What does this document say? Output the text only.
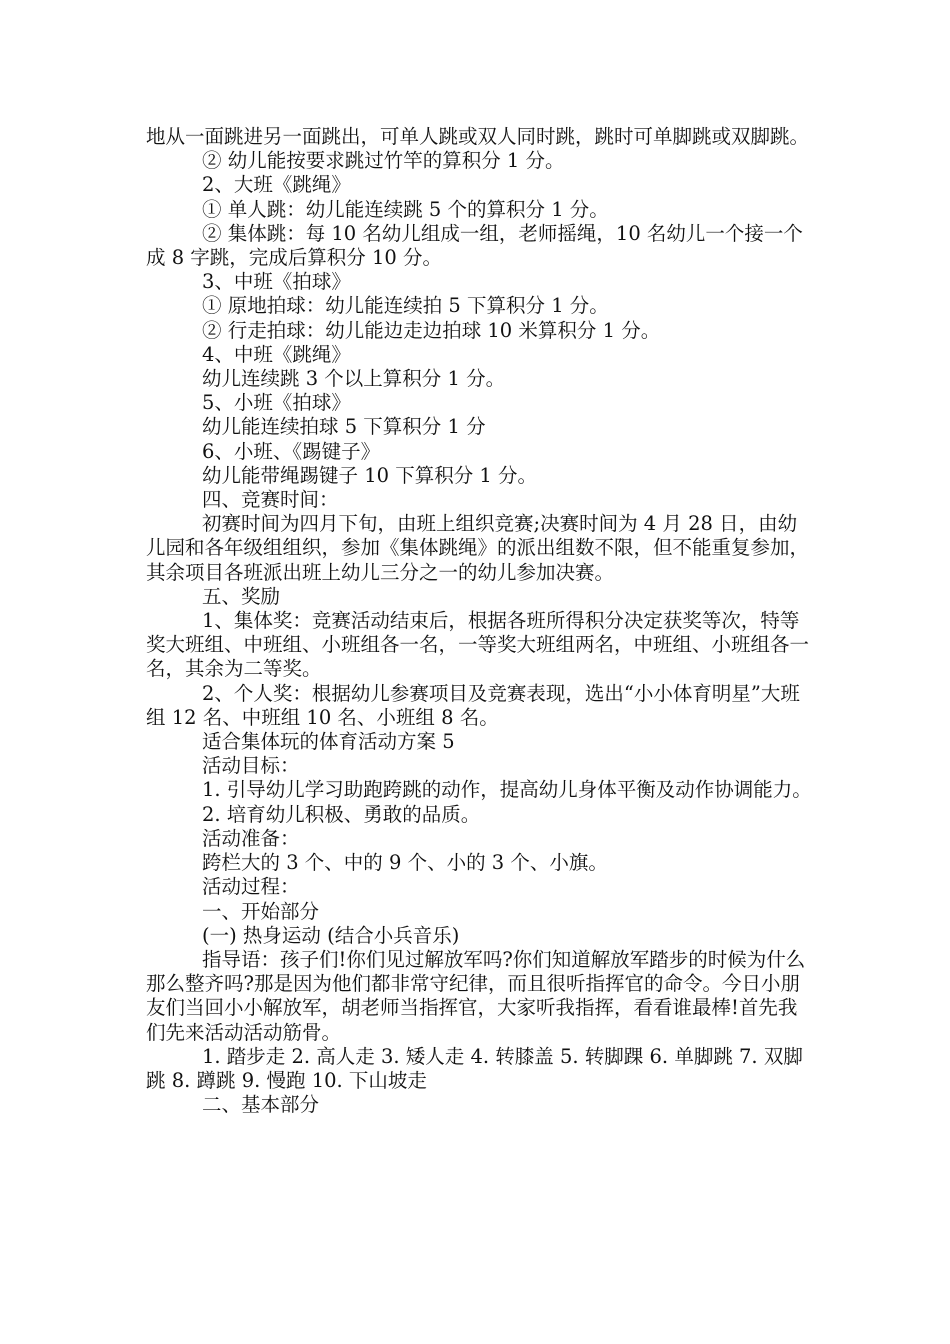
地从一面跳进另一面跳出，可单人跳或双人同时跳，跳时可单脚跳或双脚跳。

② 幼儿能按要求跳过竹竿的算积分 1 分。

2、大班《跳绳》

① 单人跳：幼儿能连续跳 5 个的算积分 1 分。

② 集体跳：每 10 名幼儿组成一组，老师摇绳，10 名幼儿一个接一个成 8 字跳，完成后算积分 10 分。

3、中班《拍球》

① 原地拍球：幼儿能连续拍 5 下算积分 1 分。

② 行走拍球：幼儿能边走边拍球 10 米算积分 1 分。

4、中班《跳绳》

幼儿连续跳 3 个以上算积分 1 分。

5、小班《拍球》

幼儿能连续拍球 5 下算积分 1 分

6、小班、《踢键子》

幼儿能带绳踢键子 10 下算积分 1 分。

四、竞赛时间：

初赛时间为四月下旬，由班上组织竞赛;决赛时间为 4 月 28 日，由幼儿园和各年级组组织，参加《集体跳绳》的派出组数不限，但不能重复参加，其余项目各班派出班上幼儿三分之一的幼儿参加决赛。

五、奖励

1、集体奖：竞赛活动结束后，根据各班所得积分决定获奖等次，特等奖大班组、中班组、小班组各一名，一等奖大班组两名，中班组、小班组各一名，其余为二等奖。

2、个人奖：根据幼儿参赛项目及竞赛表现，选出“小小体育明星”大班组 12 名、中班组 10 名、小班组 8 名。

适合集体玩的体育活动方案 5

活动目标：

1. 引导幼儿学习助跑跨跳的动作，提高幼儿身体平衡及动作协调能力。

2. 培育幼儿积极、勇敢的品质。

活动准备：

跨栏大的 3 个、中的 9 个、小的 3 个、小旗。

活动过程：

一、开始部分

(一) 热身运动 (结合小兵音乐)

指导语：孩子们!你们见过解放军吗?你们知道解放军踏步的时候为什么那么整齐吗?那是因为他们都非常守纪律，而且很听指挥官的命令。今日小朋友们当回小小解放军，胡老师当指挥官，大家听我指挥，看看谁最棒!首先我们先来活动活动筋骨。

1. 踏步走 2. 高人走 3. 矮人走 4. 转膝盖 5. 转脚踝 6. 单脚跳 7. 双脚跳 8. 蹲跳 9. 慢跑 10. 下山坡走

二、基本部分
